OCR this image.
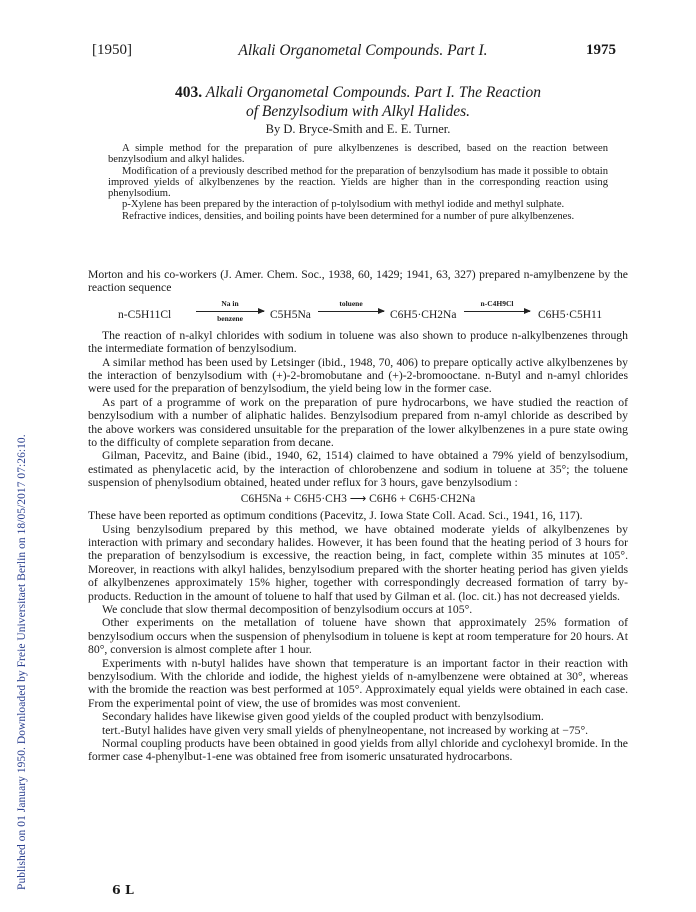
Published on 01 January 1950. Downloaded by Freie Universitaet Berlin on 18/05/2017 07:26:10.
[1950]	Alkali Organometal Compounds. Part I.	1975
403. Alkali Organometal Compounds. Part I. The Reaction
of Benzylsodium with Alkyl Halides.
By D. Bryce-Smith and E. E. Turner.

A simple method for the preparation of pure alkylbenzenes is described, based on the reaction between benzylsodium and alkyl halides.

Modification of a previously described method for the preparation of benzylsodium has made it possible to obtain improved yields of alkylbenzenes by the reaction. Yields are higher than in the corresponding reaction using phenylsodium.

p-Xylene has been prepared by the interaction of p-tolylsodium with methyl iodide and methyl sulphate.

Refractive indices, densities, and boiling points have been determined for a number of pure alkylbenzenes.

Morton and his co-workers (J. Amer. Chem. Soc., 1938, 60, 1429; 1941, 63, 327) prepared n-amylbenzene by the reaction sequence

n-C5H11Cl
Na in
benzene	C5H5Na
toluene
C6H5·CH2Na
n-C4H9Cl
C6H5·C5H11

The reaction of n-alkyl chlorides with sodium in toluene was also shown to produce n-alkylbenzenes through the intermediate formation of benzylsodium.

A similar method has been used by Letsinger (ibid., 1948, 70, 406) to prepare optically active alkylbenzenes by the interaction of benzylsodium with (+)-2-bromobutane and (+)-2-bromooctane. n-Butyl and n-amyl chlorides were used for the preparation of benzylsodium, the yield being low in the former case.

As part of a programme of work on the preparation of pure hydrocarbons, we have studied the reaction of benzylsodium with a number of aliphatic halides. Benzylsodium prepared from n-amyl chloride as described by the above workers was considered unsuitable for the preparation of the lower alkylbenzenes in a pure state owing to the difficulty of complete separation from decane.

Gilman, Pacevitz, and Baine (ibid., 1940, 62, 1514) claimed to have obtained a 79% yield of benzylsodium, estimated as phenylacetic acid, by the interaction of chlorobenzene and sodium in toluene at 35°; the toluene suspension of phenylsodium obtained, heated under reflux for 3 hours, gave benzylsodium :

C6H5Na + C6H5·CH3 ⟶ C6H6 + C6H5·CH2Na

These have been reported as optimum conditions (Pacevitz, J. Iowa State Coll. Acad. Sci., 1941, 16, 117).

Using benzylsodium prepared by this method, we have obtained moderate yields of alkylbenzenes by interaction with primary and secondary halides. However, it has been found that the heating period of 3 hours for the preparation of benzylsodium is excessive, the reaction being, in fact, complete within 35 minutes at 105°. Moreover, in reactions with alkyl halides, benzylsodium prepared with the shorter heating period has given yields of alkylbenzenes approximately 15% higher, together with correspondingly decreased formation of tarry by-products. Reduction in the amount of toluene to half that used by Gilman et al. (loc. cit.) has not decreased yields.

We conclude that slow thermal decomposition of benzylsodium occurs at 105°.

Other experiments on the metallation of toluene have shown that approximately 25% formation of benzylsodium occurs when the suspension of phenylsodium in toluene is kept at room temperature for 20 hours. At 80°, conversion is almost complete after 1 hour.

Experiments with n-butyl halides have shown that temperature is an important factor in their reaction with benzylsodium. With the chloride and iodide, the highest yields of n-amylbenzene were obtained at 30°, whereas with the bromide the reaction was best performed at 105°. Approximately equal yields were obtained in each case. From the experimental point of view, the use of bromides was most convenient.

Secondary halides have likewise given good yields of the coupled product with benzylsodium.

tert.-Butyl halides have given very small yields of phenylneopentane, not increased by working at −75°.

Normal coupling products have been obtained in good yields from allyl chloride and cyclohexyl bromide. In the former case 4-phenylbut-1-ene was obtained free from isomeric unsaturated hydrocarbons.

6 L
